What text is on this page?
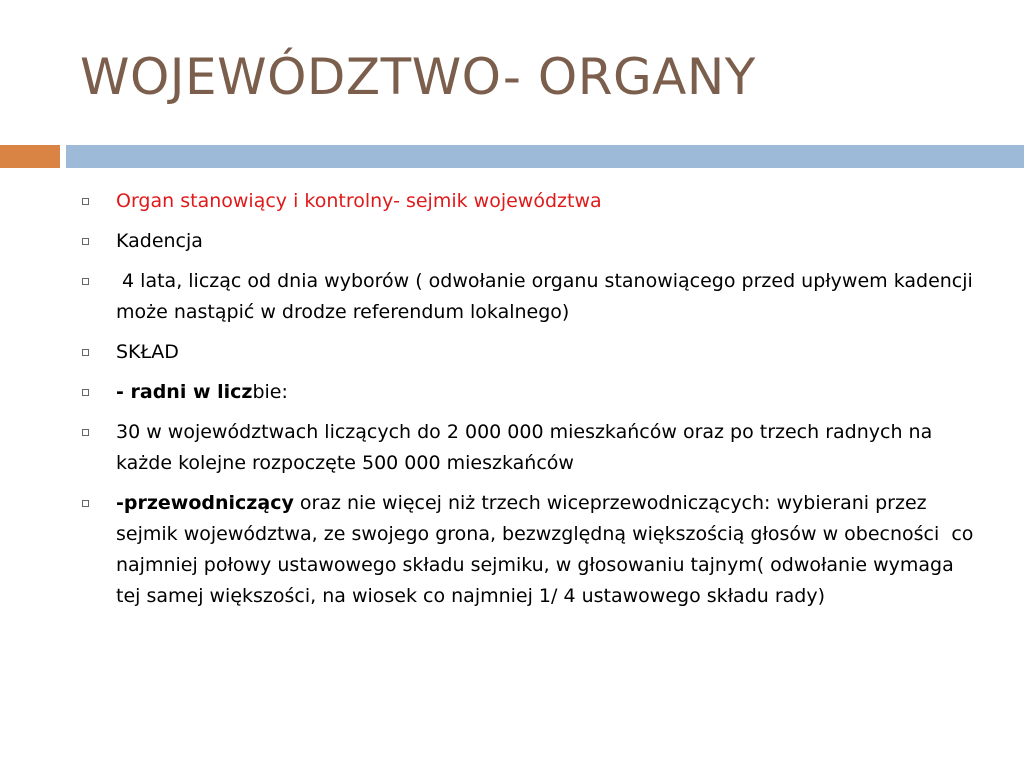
WOJEWÓDZTWO- ORGANY
Organ stanowiący i kontrolny- sejmik województwa
Kadencja
4 lata, licząc od dnia wyborów ( odwołanie organu stanowiącego przed upływem kadencji może nastąpić w drodze referendum lokalnego)
SKŁAD
- radni w liczbie:
30 w województwach liczących do 2 000 000 mieszkańców oraz po trzech radnych na każde kolejne rozpoczęte 500 000 mieszkańców
-przewodniczący oraz nie więcej niż trzech wiceprzewodniczących: wybierani przez sejmik województwa, ze swojego grona, bezwzględną większością głosów w obecności  co najmniej połowy ustawowego składu sejmiku, w głosowaniu tajnym( odwołanie wymaga tej samej większości, na wiosek co najmniej 1/ 4 ustawowego składu rady)
